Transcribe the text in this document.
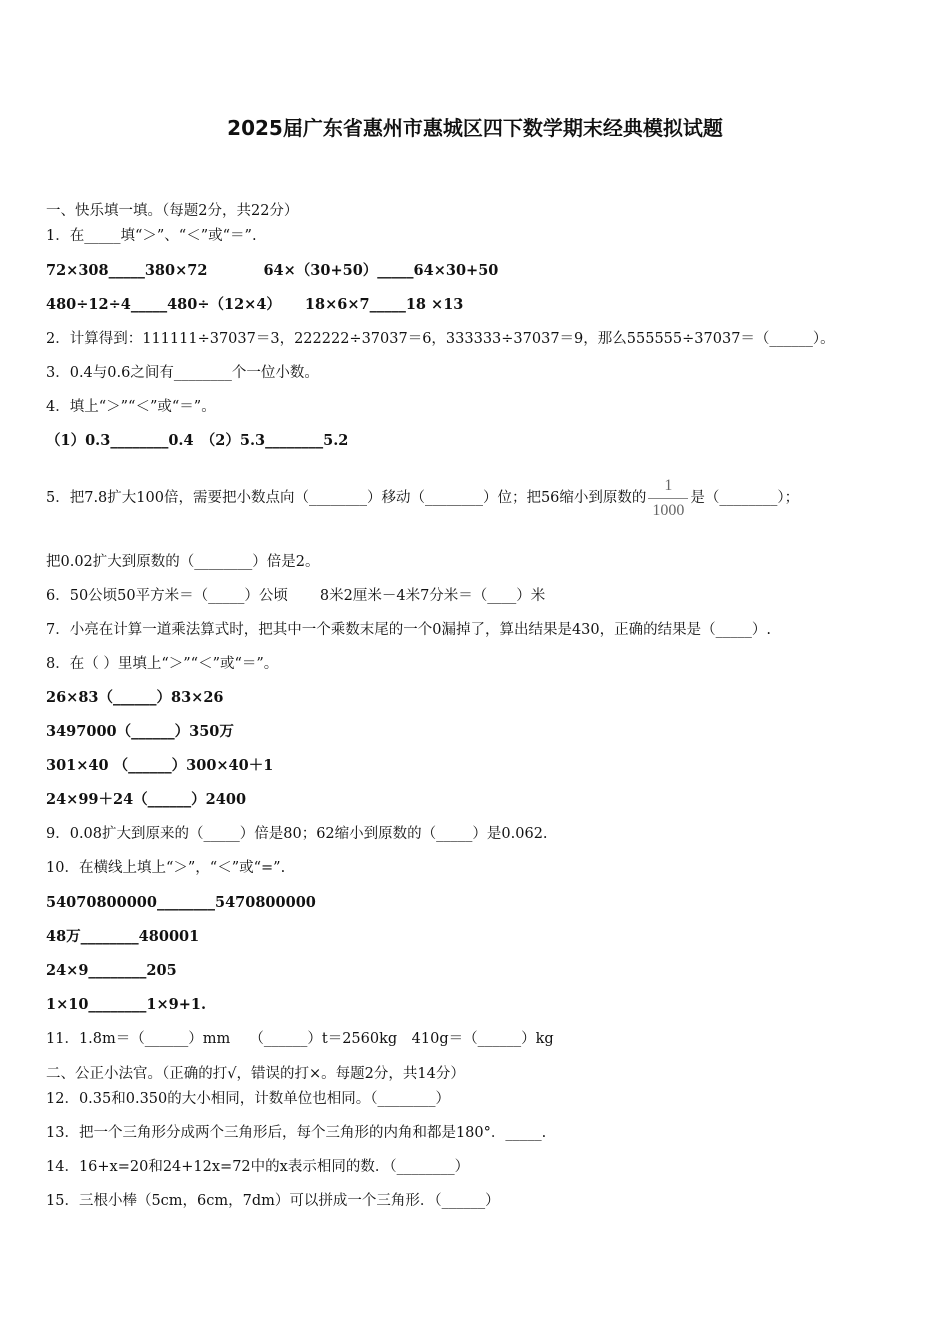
2025届广东省惠州市惠城区四下数学期末经典模拟试题
一、快乐填一填。（每题2分，共22分）
1．在_____填“＞”、“＜”或“＝”.
72×308_____380×72	64×（30+50）_____64×30+50
480÷12÷4_____480÷（12×4） 18×6×7_____18 ×13
2．计算得到：111111÷37037＝3，222222÷37037＝6，333333÷37037＝9，那么555555÷37037＝（______）。
3．0.4与0.6之间有________个一位小数。
4．填上“＞”“＜”或“＝”。
（1）0.3________0.4　（2）5.3________5.2
5．把7.8扩大100倍，需要把小数点向（________）移动（________）位；把56缩小到原数的 $\frac{1}{1000}$ 是（________）；
把0.02扩大到原数的（________）倍是2。
6．50公顷50平方米＝（_____）公顷 8米2厘米－4米7分米＝（____）米
7．小亮在计算一道乘法算式时，把其中一个乘数末尾的一个0漏掉了，算出结果是430，正确的结果是（_____）.
8．在（ ）里填上“＞”“＜”或“＝”。
26×83（______）83×26
3497000（______）350万
301×40 （______）300×40＋1
24×99＋24（______）2400
9．0.08扩大到原来的（_____）倍是80；62缩小到原数的（_____）是0.062.
10．在横线上填上“＞”，“＜”或“=”.
54070800000________5470800000
48万________480001
24×9________205
1×10________1×9+1.
11．1.8m＝（______）mm　 （______）t＝2560kg　410g＝（______）kg
二、公正小法官。（正确的打√，错误的打×。每题2分，共14分）
12．0.35和0.350的大小相同，计数单位也相同。（________）
13．把一个三角形分成两个三角形后，每个三角形的内角和都是180°．_____.
14．16+x=20和24+12x=72中的x表示相同的数．（________）
15．三根小棒（5cm，6cm，7dm）可以拼成一个三角形．（______）
